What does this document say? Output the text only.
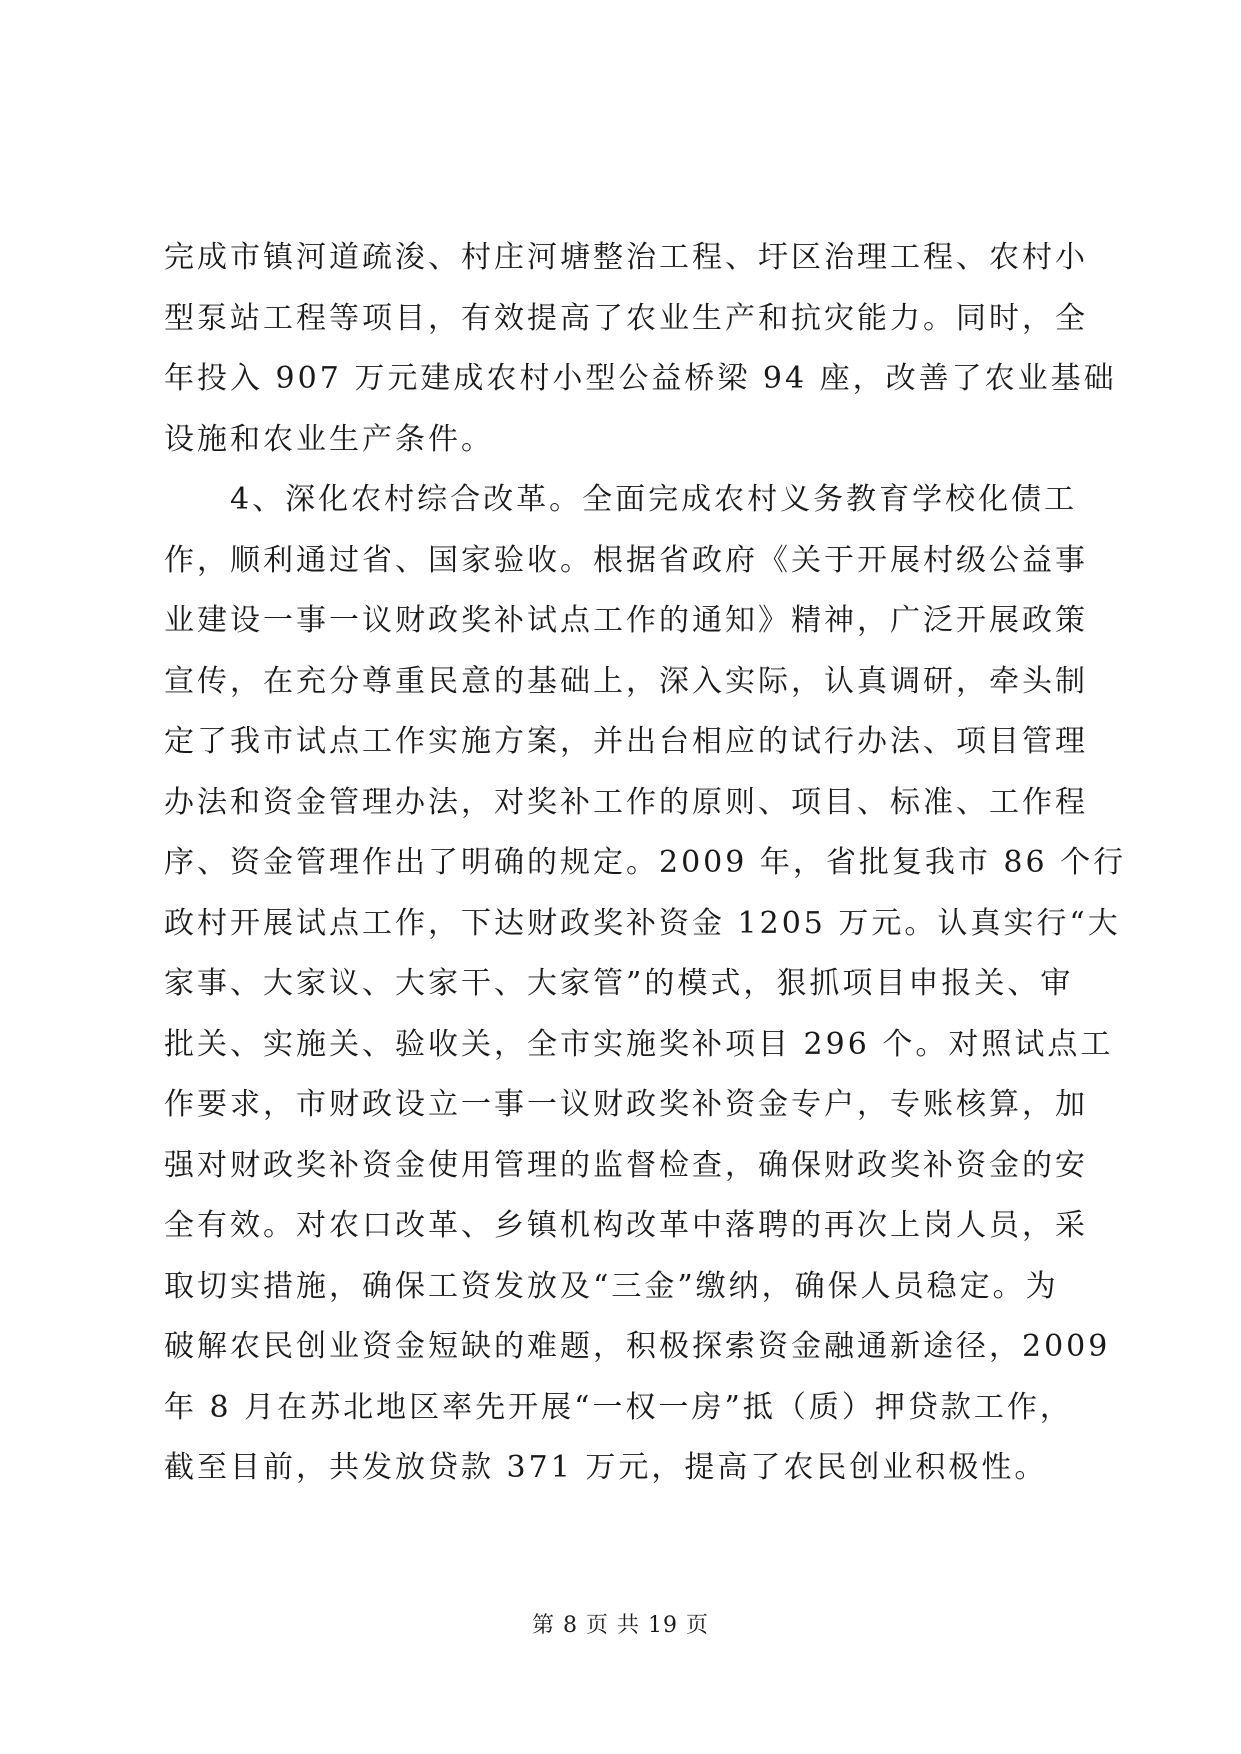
完成市镇河道疏浚、村庄河塘整治工程、圩区治理工程、农村小
型泵站工程等项目，有效提高了农业生产和抗灾能力。同时，全
年投入 907 万元建成农村小型公益桥梁 94 座，改善了农业基础
设施和农业生产条件。
　　4、深化农村综合改革。全面完成农村义务教育学校化债工
作，顺利通过省、国家验收。根据省政府《关于开展村级公益事
业建设一事一议财政奖补试点工作的通知》精神，广泛开展政策
宣传，在充分尊重民意的基础上，深入实际，认真调研，牵头制
定了我市试点工作实施方案，并出台相应的试行办法、项目管理
办法和资金管理办法，对奖补工作的原则、项目、标准、工作程
序、资金管理作出了明确的规定。2009 年，省批复我市 86 个行
政村开展试点工作，下达财政奖补资金 1205 万元。认真实行“大
家事、大家议、大家干、大家管”的模式，狠抓项目申报关、审
批关、实施关、验收关，全市实施奖补项目 296 个。对照试点工
作要求，市财政设立一事一议财政奖补资金专户，专账核算，加
强对财政奖补资金使用管理的监督检查，确保财政奖补资金的安
全有效。对农口改革、乡镇机构改革中落聘的再次上岗人员，采
取切实措施，确保工资发放及“三金”缴纳，确保人员稳定。为
破解农民创业资金短缺的难题，积极探索资金融通新途径，2009
年 8 月在苏北地区率先开展“一权一房”抵（质）押贷款工作，
截至目前，共发放贷款 371 万元，提高了农民创业积极性。
第 8 页 共 19 页
